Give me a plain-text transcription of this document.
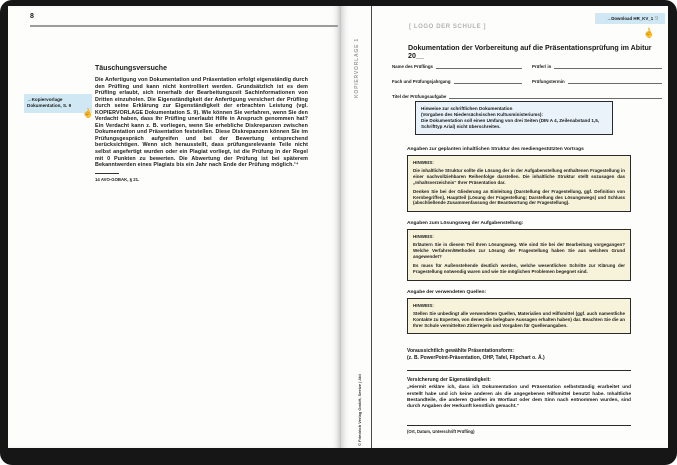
8
→Kopiervorlage
Dokumentation, S. 9
☝
Täuschungsversuche
Die Anfertigung von Dokumentation und Präsentation erfolgt eigenständig durch den Prüfling und kann nicht kontrolliert werden. Grundsätzlich ist es dem Prüfling erlaubt, sich innerhalb der Bearbeitungszeit Sachinformationen von Dritten einzuholen. Die Eigenständigkeit der Anfertigung versichert der Prüfling durch seine Erklärung zur Eigenständigkeit der erbrachten Leistung (vgl. KOPIERVORLAGE Dokumentation S. 9). Wie können Sie verfahren, wenn Sie den Verdacht haben, dass Ihr Prüfling unerlaubt Hilfe in Anspruch genommen hat? Ein Verdacht kann z. B. vorliegen, wenn Sie erhebliche Diskrepanzen zwischen Dokumentation und Präsentation feststellen. Diese Diskrepanzen können Sie im Prüfungsgespräch aufgreifen und bei der Bewertung entsprechend berücksichtigen. Wenn sich herausstellt, dass prüfungsrelevante Teile nicht selbst angefertigt wurden oder ein Plagiat vorliegt, ist die Prüfung in der Regel mit 0 Punkten zu bewerten. Die Abwertung der Prüfung ist bei späterem Bekanntwerden eines Plagiats bis ein Jahr nach Ende der Prüfung möglich.¹⁴
14 AVO-GOBAK, § 21.
KOPIERVORLAGE 1
© Friedrich Verlag GmbH, Seelze | Abi
[ LOGO DER SCHULE ]
→Download HR_KV_1
☝
9
Dokumentation der Vorbereitung auf die Präsentationsprüfung im Abitur 20__
Name des Prüflings	Prüfer/ in
Fach und Prüfungsjahrgang	Prüfungstermin
Titel der Prüfungsaufgabe
Hinweise zur schriftlichen Dokumentation
(Vorgaben des Niedersächsischen Kultusministeriums):
Die Dokumentation soll einen Umfang von drei Seiten (DIN A 4, Zeilenabstand 1,5, Schrifttyp Arial) nicht überschreiten.
Angaben zur geplanten inhaltlichen Struktur des mediengestützten Vortrags
HINWEIS:

Die inhaltliche Struktur sollte die Lösung der in der Aufgabenstellung enthaltenen Fragestellung in einer nachvollziehbaren Reihenfolge darstellen. Die inhaltliche Struktur stellt sozusagen das „Inhaltsverzeichnis“ Ihrer Präsentation dar.

Denken Sie bei der Gliederung an Einleitung (Darstellung der Fragestellung, ggf. Definition von Kernbegriffen), Hauptteil (Lösung der Fragestellung; Darstellung des Lösungswegs) und Schluss (abschließende Zusammenfassung der Beantwortung der Fragestellung).

Angaben zum Lösungsweg der Aufgabenstellung:
HINWEIS:

Erläutern Sie in diesem Teil Ihren Lösungsweg. Wie sind Sie bei der Bearbeitung vorgegangen? Welche Verfahren/Methoden zur Lösung der Fragestellung haben Sie aus welchem Grund angewendet?

Es muss für Außenstehende deutlich werden, welche wesentlichen Schritte zur Klärung der Fragestellung notwendig waren und wie Sie möglichen Problemen begegnet sind.

Angabe der verwendeten Quellen:
HINWEIS:

Stellen Sie unbedingt alle verwendeten Quellen, Materialien und Hilfsmittel (ggf. auch namentliche Kontakte zu Experten, von denen Sie belegbare Aussagen erhalten haben) dar. Beachten Sie die an Ihrer Schule vermittelten Zitierregeln und Vorgaben für Quellenangaben.

Voraussichtlich gewählte Präsentationsform:
(z. B. PowerPoint-Präsentation, OHP, Tafel, Flipchart o. Ä.)
Versicherung der Eigenständigkeit:

„Hiermit erkläre ich, dass ich Dokumentation und Präsentation selbstständig erarbeitet und erstellt habe und ich keine anderen als die angegebenen Hilfsmittel benutzt habe. Inhaltliche Bestandteile, die anderen Quellen im Wortlaut oder dem Sinn nach entnommen wurden, sind durch Angaben der Herkunft kenntlich gemacht.“

(Ort, Datum, Unterschrift Prüfling)
